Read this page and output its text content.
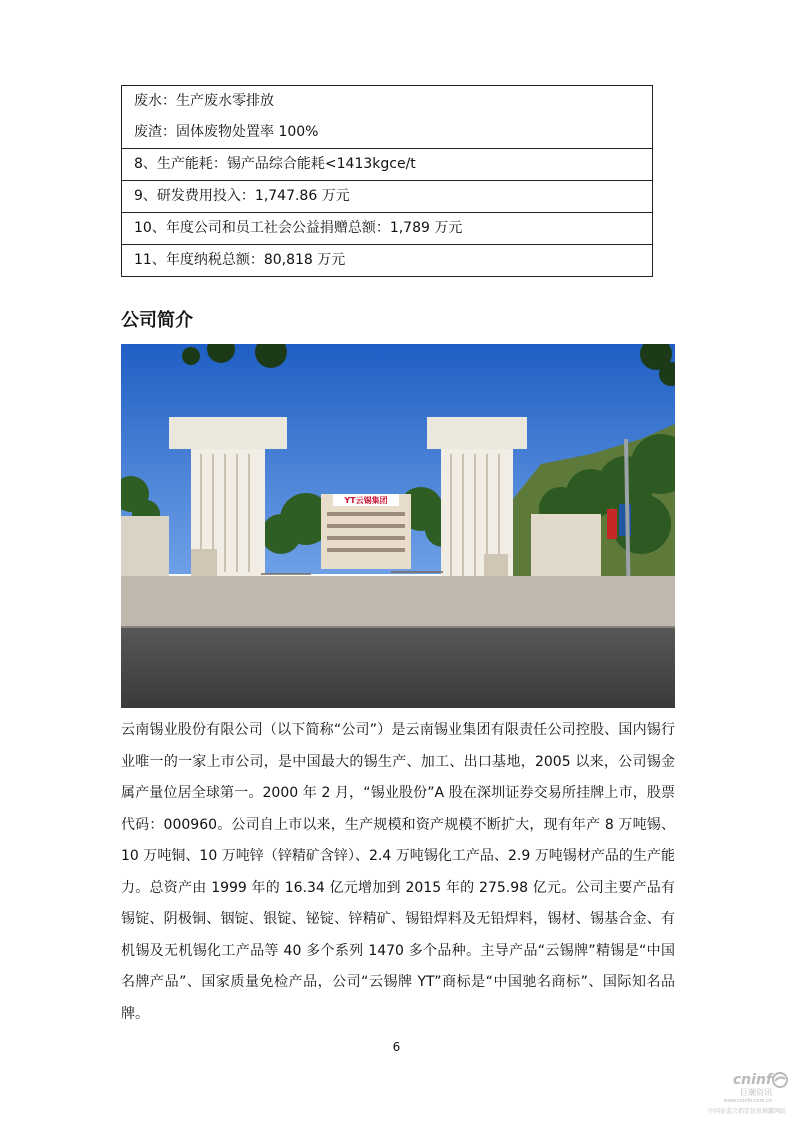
废水：生产废水零排放
废渣：固体废物处置率 100%

8、生产能耗：锡产品综合能耗<1413kgce/t

9、研发费用投入：1,747.86 万元

10、年度公司和员工社会公益捐赠总额：1,789 万元

11、年度纳税总额：80,818 万元
公司简介
YT云锡集团

云南锡业股份有限公司（以下简称“公司”）是云南锡业集团有限责任公司控股、国内锡行业唯一的一家上市公司，是中国最大的锡生产、加工、出口基地，2005 以来，公司锡金属产量位居全球第一。2000 年 2 月，“锡业股份”A 股在深圳证券交易所挂牌上市，股票代码：000960。公司自上市以来，生产规模和资产规模不断扩大，现有年产 8 万吨锡、10 万吨铜、10 万吨锌（锌精矿含锌）、2.4 万吨锡化工产品、2.9 万吨锡材产品的生产能力。总资产由 1999 年的 16.34 亿元增加到 2015 年的 275.98 亿元。公司主要产品有锡锭、阴极铜、铟锭、银锭、铋锭、锌精矿、锡铅焊料及无铅焊料，锡材、锡基合金、有机锡及无机锡化工产品等 40 多个系列 1470 多个品种。主导产品“云锡牌”精锡是“中国名牌产品”、国家质量免检产品，公司“云锡牌 YT”商标是“中国驰名商标”、国际知名品牌。

6
cninf
巨潮资讯
www.cninfo.com.cn
中国证监会指定信息披露网站
